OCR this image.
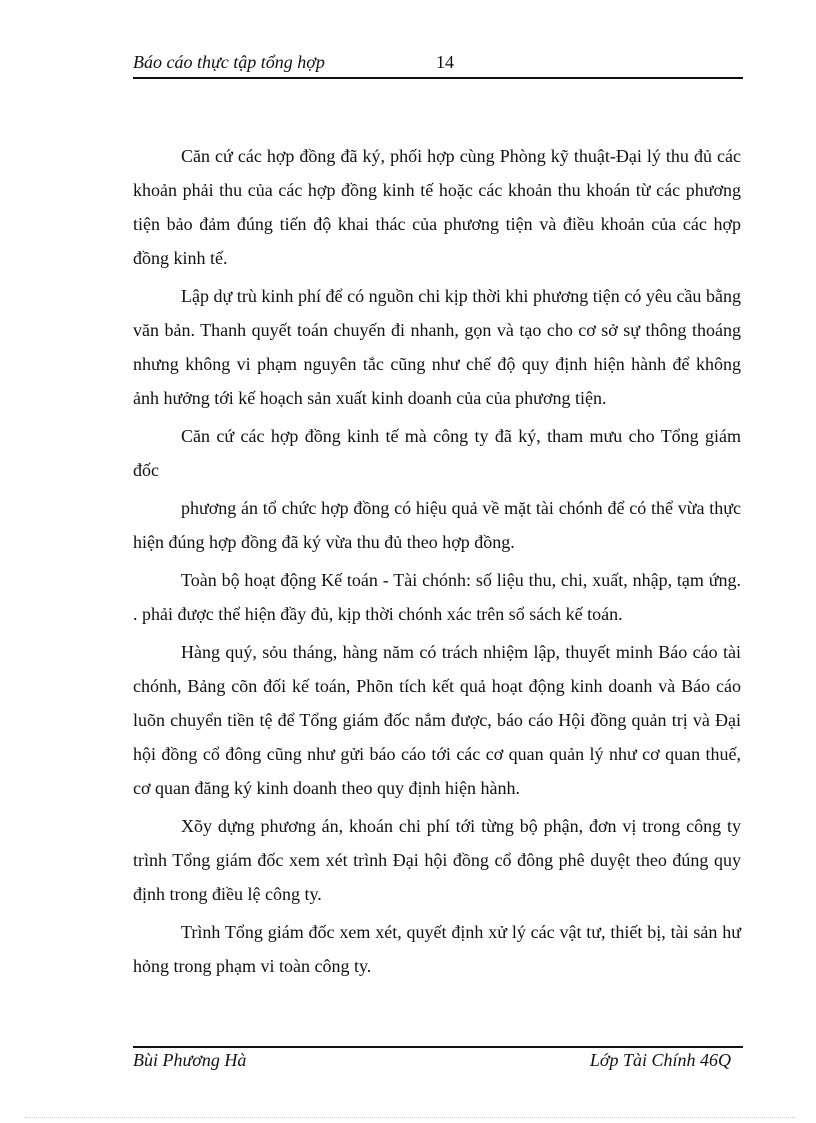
Báo cáo thực tập tổng hợp	14

Căn cứ các hợp đồng đã ký, phối hợp cùng Phòng kỹ thuật-Đại lý thu đủ các khoản phải thu của các hợp đồng kinh tế hoặc các khoản thu khoán từ các phương tiện bảo đảm đúng tiến độ khai thác của phương tiện và điều khoản của các hợp đồng kinh tế.

Lập dự trù kinh phí để có nguồn chi kịp thời khi phương tiện có yêu cầu bằng văn bản. Thanh quyết toán chuyến đi nhanh, gọn và tạo cho cơ sở sự thông thoáng nhưng không vi phạm nguyên tắc cũng như chế độ quy định hiện hành để không ảnh hưởng tới kế hoạch sản xuất kinh doanh của của phương tiện.

Căn cứ các hợp đồng kinh tế mà công ty đã ký, tham mưu cho Tổng giám đốc

phương án tổ chức hợp đồng có hiệu quả về mặt tài chónh để có thể vừa thực hiện đúng hợp đồng đã ký vừa thu đủ theo hợp đồng.

Toàn bộ hoạt động Kế toán - Tài chónh: số liệu thu, chi, xuất, nhập, tạm ứng. . phải được thể hiện đầy đủ, kịp thời chónh xác trên sổ sách kế toán.

Hàng quý, sỏu tháng, hàng năm có trách nhiệm lập, thuyết minh Báo cáo tài chónh, Bảng cõn đối kế toán, Phõn tích kết quả hoạt động kinh doanh và Báo cáo luõn chuyển tiền tệ để Tổng giám đốc nắm được, báo cáo Hội đồng quản trị và Đại hội đồng cổ đông cũng như gửi báo cáo tới các cơ quan quản lý như cơ quan thuế, cơ quan đăng ký kinh doanh theo quy định hiện hành.

Xõy dựng phương án, khoán chi phí tới từng bộ phận, đơn vị trong công ty trình Tổng giám đốc xem xét trình Đại hội đồng cổ đông phê duyệt theo đúng quy định trong điều lệ công ty.

Trình Tổng giám đốc xem xét, quyết định xử lý các vật tư, thiết bị, tài sản hư hỏng trong phạm vi toàn công ty.

Bùi Phương Hà	Lớp Tài Chính 46Q
